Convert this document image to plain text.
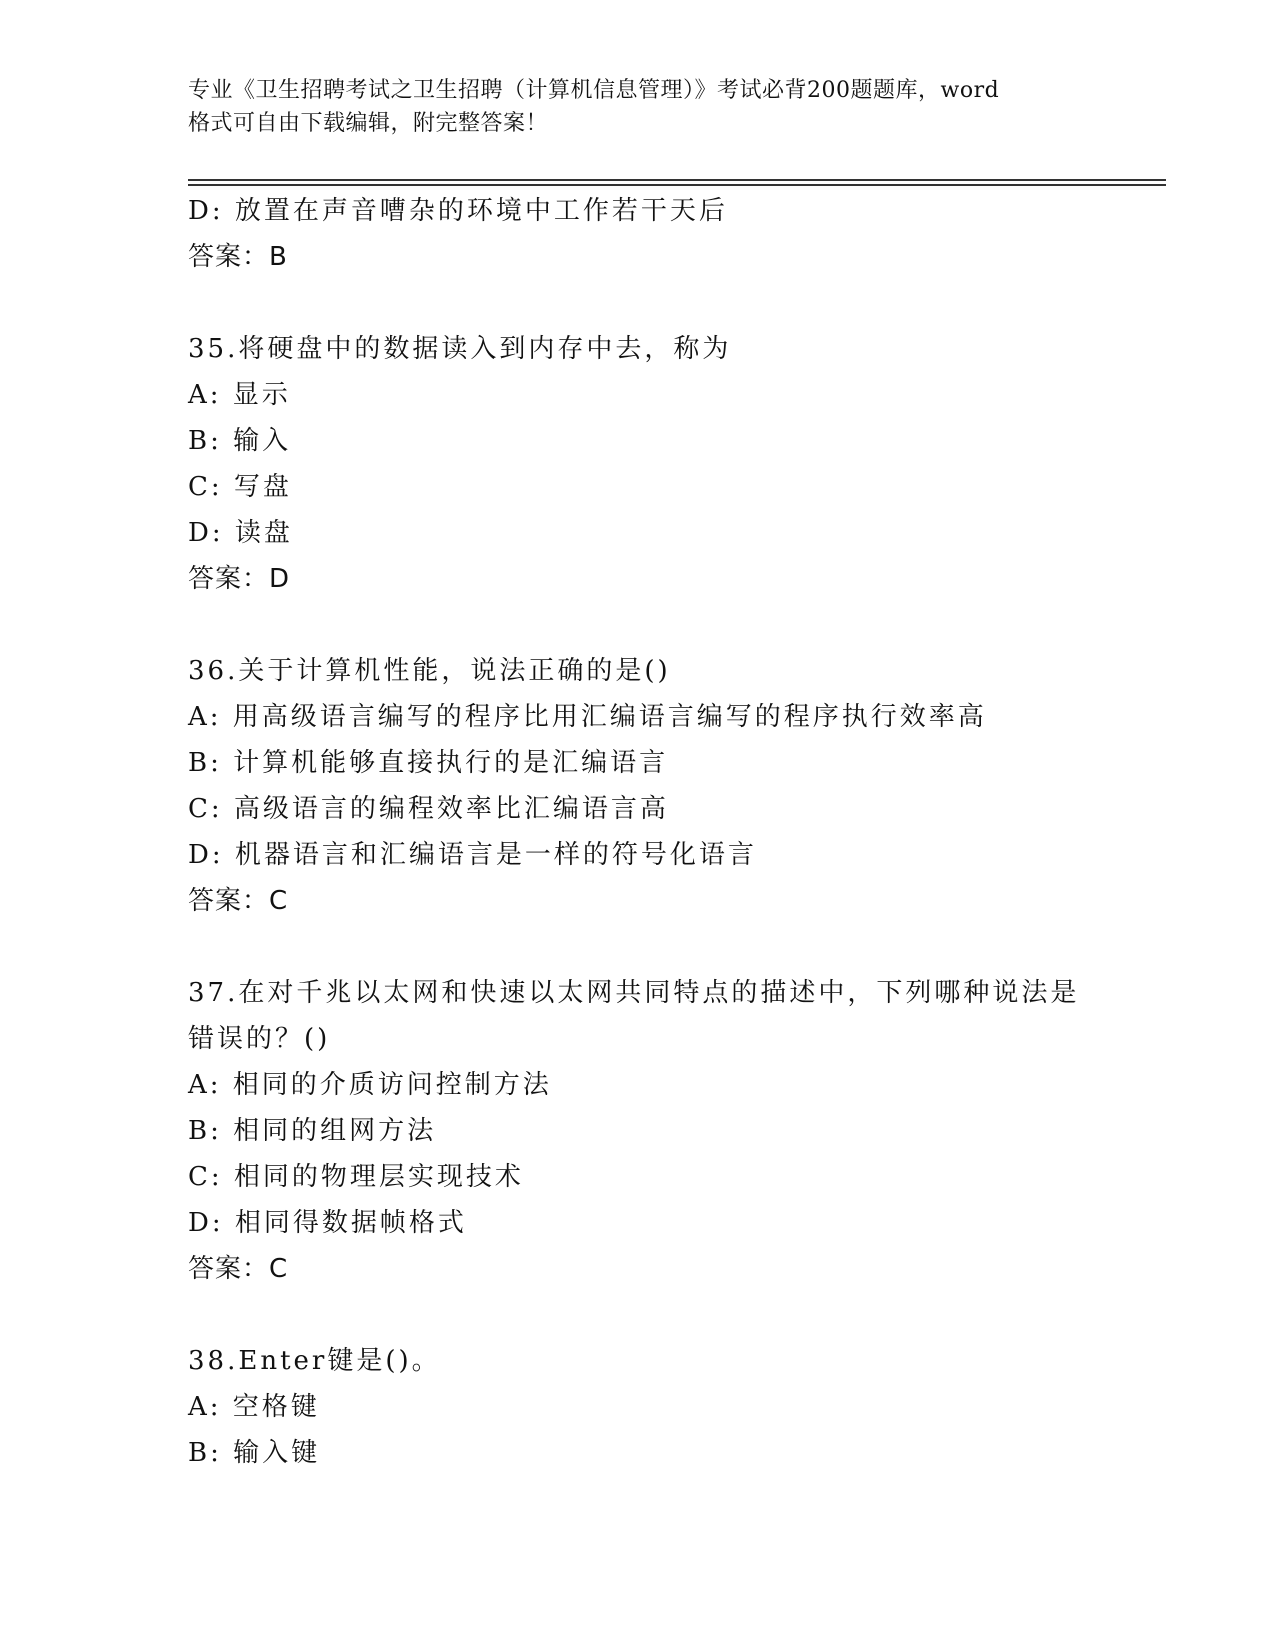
专业《卫生招聘考试之卫生招聘（计算机信息管理）》考试必背200题题库，word
格式可自由下载编辑，附完整答案！
D: 放置在声音嘈杂的环境中工作若干天后
答案：B
35.将硬盘中的数据读入到内存中去，称为
A: 显示
B: 输入
C: 写盘
D: 读盘
答案：D
36.关于计算机性能，说法正确的是()
A: 用高级语言编写的程序比用汇编语言编写的程序执行效率高
B: 计算机能够直接执行的是汇编语言
C: 高级语言的编程效率比汇编语言高
D: 机器语言和汇编语言是一样的符号化语言
答案：C
37.在对千兆以太网和快速以太网共同特点的描述中，下列哪种说法是错误的？()
A: 相同的介质访问控制方法
B: 相同的组网方法
C: 相同的物理层实现技术
D: 相同得数据帧格式
答案：C
38.Enter键是()。
A: 空格键
B: 输入键
